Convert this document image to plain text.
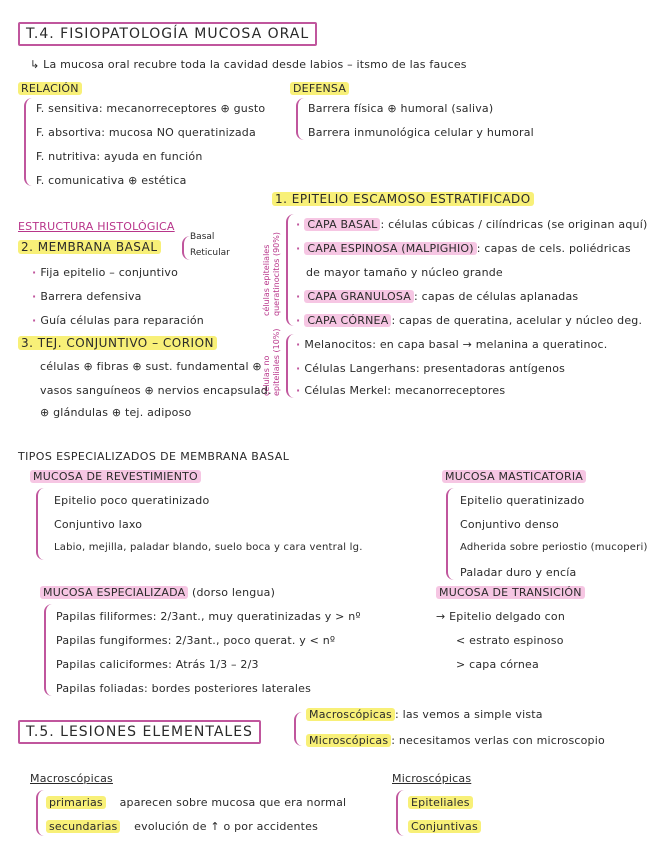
T.4. FISIOPATOLOGÍA MUCOSA ORAL
↳ La mucosa oral recubre toda la cavidad desde labios – itsmo de las fauces
RELACIÓN
F. sensitiva: mecanorreceptores ⊕ gusto
F. absortiva: mucosa NO queratinizada
F. nutritiva: ayuda en función
F. comunicativa ⊕ estética
DEFENSA
Barrera física ⊕ humoral (saliva)
Barrera inmunológica celular y humoral
1. EPITELIO ESCAMOSO ESTRATIFICADO
células epiteliales queratinocitos (90%)
· CAPA BASAL : células cúbicas / cilíndricas (se originan aquí)
· CAPA ESPINOSA (MALPIGHIO) : capas de cels. poliédricas
de mayor tamaño y núcleo grande
· CAPA GRANULOSA : capas de células aplanadas
· CAPA CÓRNEA : capas de queratina, acelular y núcleo deg.
células no epiteliales (10%) · Melanocitos: en capa basal → melanina a queratinoc.
· Células Langerhans: presentadoras antígenos
· Células Merkel: mecanorreceptores
ESTRUCTURA HISTOLÓGICA
2. MEMBRANA BASAL
Basal
Reticular
· Fija epitelio – conjuntivo
· Barrera defensiva
· Guía células para reparación
3. TEJ. CONJUNTIVO – CORION
células ⊕ fibras ⊕ sust. fundamental ⊕
vasos sanguíneos ⊕ nervios encapsulad.
⊕ glándulas ⊕ tej. adiposo
TIPOS ESPECIALIZADOS DE MEMBRANA BASAL
MUCOSA DE REVESTIMIENTO
Epitelio poco queratinizado
Conjuntivo laxo
Labio, mejilla, paladar blando, suelo boca y cara ventral lg.
MUCOSA MASTICATORIA
Epitelio queratinizado
Conjuntivo denso
Adherida sobre periostio (mucoperi)
Paladar duro y encía
MUCOSA ESPECIALIZADA (dorso lengua)
Papilas filiformes: 2/3ant., muy queratinizadas y > nº
Papilas fungiformes: 2/3ant., poco querat. y < nº
Papilas caliciformes: Atrás 1/3 – 2/3
Papilas foliadas: bordes posteriores laterales
MUCOSA DE TRANSICIÓN
→ Epitelio delgado con
< estrato espinoso
> capa córnea
T.5. LESIONES ELEMENTALES
Macroscópicas : las vemos a simple vista
Microscópicas : necesitamos verlas con microscopio
Macroscópicas
primarias aparecen sobre mucosa que era normal
secundarias evolución de ↑ o por accidentes
Microscópicas
Epiteliales
Conjuntivas
